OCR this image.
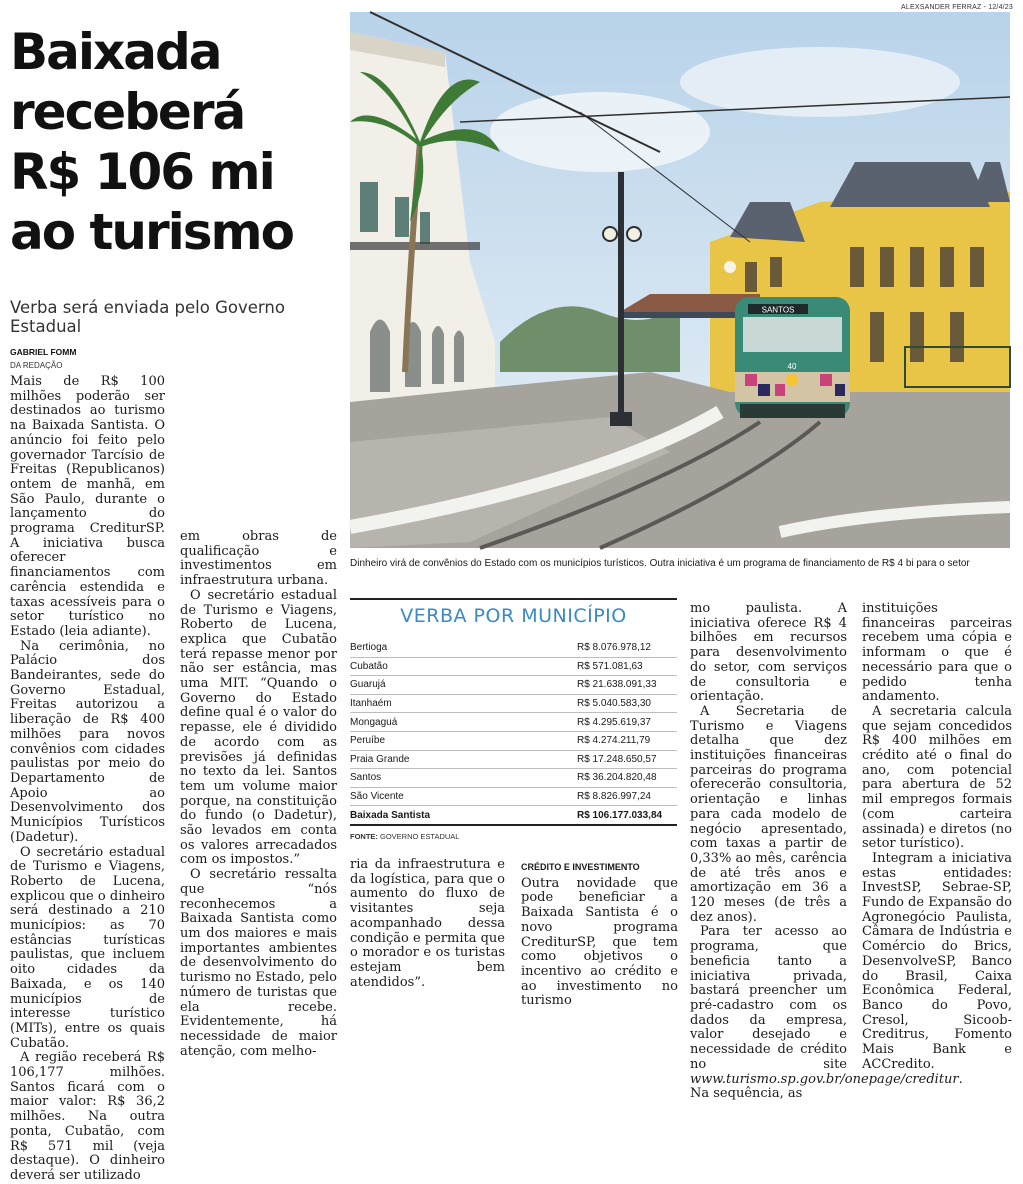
ALEXSANDER FERRAZ - 12/4/23
Baixada
receberá
R$ 106 mi
ao turismo

Verba será enviada pelo Governo Estadual

GABRIEL FOMM
DA REDAÇÃO

Mais de R$ 100 milhões poderão ser destinados ao turismo na Baixada Santista. O anúncio foi feito pelo governador Tarcísio de Freitas (Republicanos) ontem de manhã, em São Paulo, durante o lançamento do programa CrediturSP. A iniciativa busca oferecer financiamentos com carência estendida e taxas acessíveis para o setor turístico no Estado (leia adiante).

Na cerimônia, no Palácio dos Bandeirantes, sede do Governo Estadual, Freitas autorizou a liberação de R$ 400 milhões para novos convênios com cidades paulistas por meio do Departamento de Apoio ao Desenvolvimento dos Municípios Turísticos (Dadetur).

O secretário estadual de Turismo e Viagens, Roberto de Lucena, explicou que o dinheiro será destinado a 210 municípios: as 70 estâncias turísticas paulistas, que incluem oito cidades da Baixada, e os 140 municípios de interesse turístico (MITs), entre os quais Cubatão.

A região receberá R$ 106,177 milhões. Santos ficará com o maior valor: R$ 36,2 milhões. Na outra ponta, Cubatão, com R$ 571 mil (veja destaque). O dinheiro deverá ser utilizado

em obras de qualificação e investimentos em infraestrutura urbana.

O secretário estadual de Turismo e Viagens, Roberto de Lucena, explica que Cubatão terá repasse menor por não ser estância, mas uma MIT. “Quando o Governo do Estado define qual é o valor do repasse, ele é dividido de acordo com as previsões já definidas no texto da lei. Santos tem um volume maior porque, na constituição do fundo (o Dadetur), são levados em conta os valores arrecadados com os impostos.”

O secretário ressalta que “nós reconhecemos a Baixada Santista como um dos maiores e mais importantes ambientes de desenvolvimento do turismo no Estado, pelo número de turistas que ela recebe. Evidentemente, há necessidade de maior atenção, com melho-

SANTOS
40

Dinheiro virá de convênios do Estado com os municípios turísticos. Outra iniciativa é um programa de financiamento de R$ 4 bi para o setor

VERBA POR MUNICÍPIO
Bertioga	R$ 8.076.978,12
Cubatão	R$ 571.081,63
Guarujá	R$ 21.638.091,33
Itanhaém	R$ 5.040.583,30
Mongaguá	R$ 4.295.619,37
Peruíbe	R$ 4.274.211,79
Praia Grande	R$ 17.248.650,57
Santos	R$ 36.204.820,48
São Vicente	R$ 8.826.997,24
Baixada Santista	R$ 106.177.033,84
FONTE: GOVERNO ESTADUAL

ria da infraestrutura e da logística, para que o aumento do fluxo de visitantes seja acompanhado dessa condição e permita que o morador e os turistas estejam bem atendidos”.

CRÉDITO E INVESTIMENTO

Outra novidade que pode beneficiar a Baixada Santista é o novo programa CrediturSP, que tem como objetivos o incentivo ao crédito e ao investimento no turismo

mo paulista. A iniciativa oferece R$ 4 bilhões em recursos para desenvolvimento do setor, com serviços de consultoria e orientação.

A Secretaria de Turismo e Viagens detalha que dez instituições financeiras parceiras do programa oferecerão consultoria, orientação e linhas para cada modelo de negócio apresentado, com taxas a partir de 0,33% ao mês, carência de até três anos e amortização em 36 a 120 meses (de três a dez anos).

Para ter acesso ao programa, que beneficia tanto a iniciativa privada, bastará preencher um pré-cadastro com os dados da empresa, valor desejado e necessidade de crédito no site www.turismo.sp.gov.br/onepage/creditur. Na sequência, as

instituições financeiras parceiras recebem uma cópia e informam o que é necessário para que o pedido tenha andamento.

A secretaria calcula que sejam concedidos R$ 400 milhões em crédito até o final do ano, com potencial para abertura de 52 mil empregos formais (com carteira assinada) e diretos (no setor turístico).

Integram a iniciativa estas entidades: InvestSP, Sebrae-SP, Fundo de Expansão do Agronegócio Paulista, Câmara de Indústria e Comércio do Brics, DesenvolveSP, Banco do Brasil, Caixa Econômica Federal, Banco do Povo, Cresol, Sicoob-Creditrus, Fomento Mais Bank e ACCredito.
